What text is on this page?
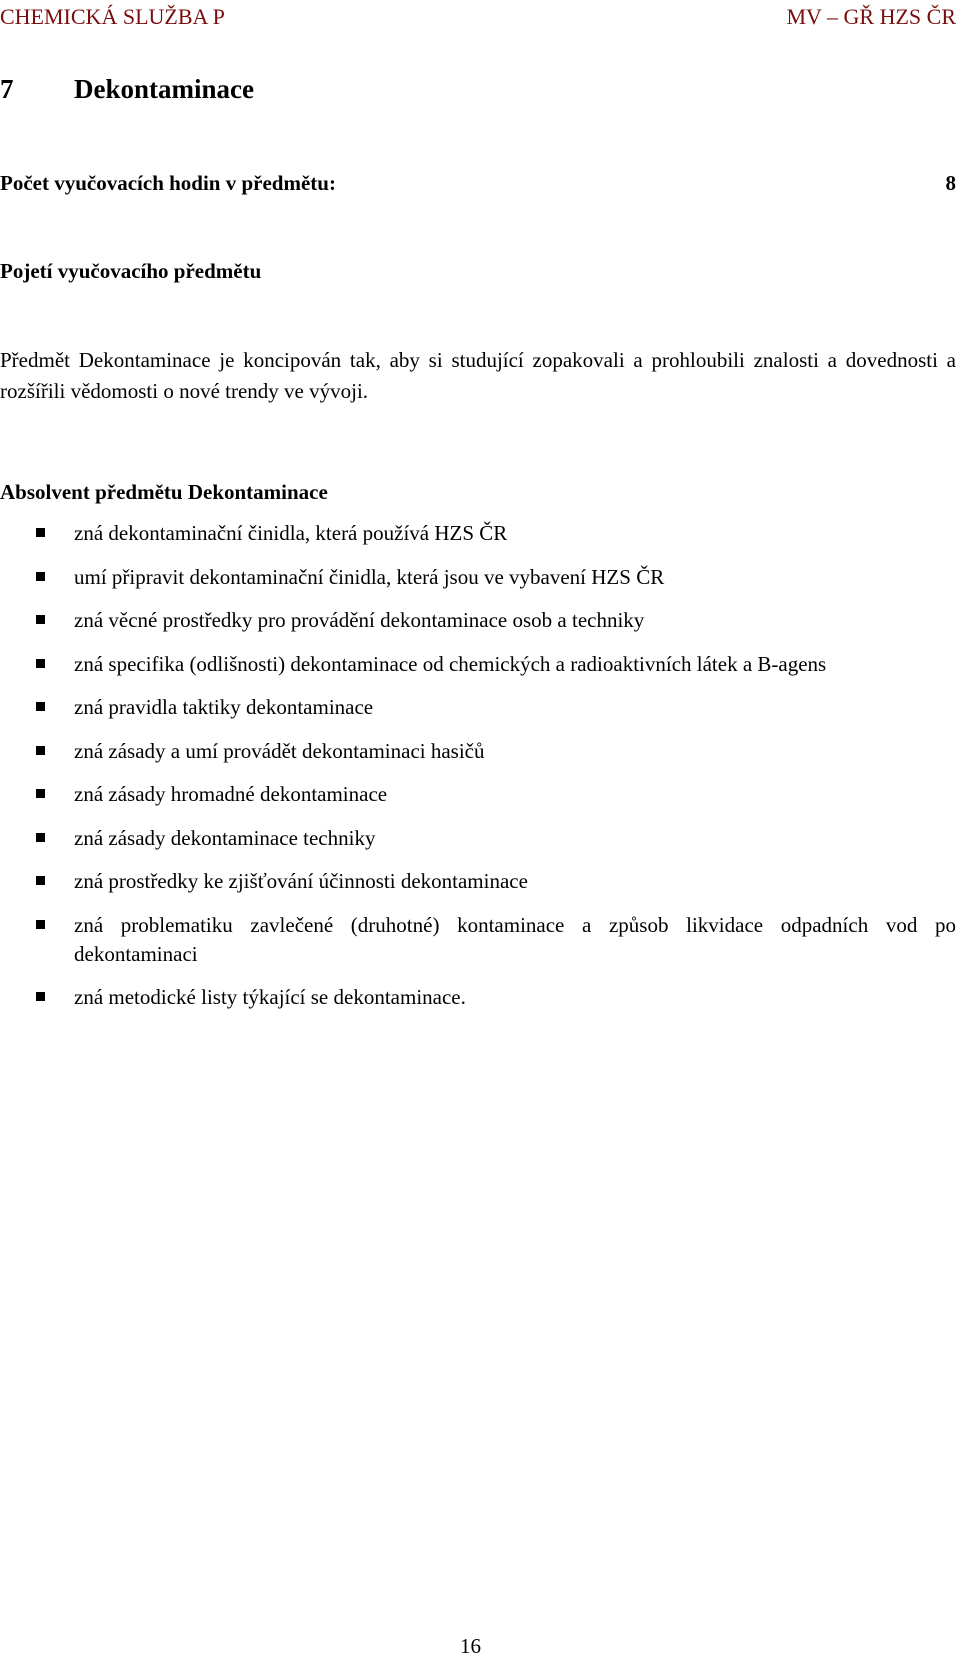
CHEMICKÁ SLUŽBA P	MV – GŘ HZS ČR
7 Dekontaminace
Počet vyučovacích hodin v předmětu:	8
Pojetí vyučovacího předmětu
Předmět Dekontaminace je koncipován tak, aby si studující zopakovali a prohloubili znalosti a dovednosti a rozšířili vědomosti o nové trendy ve vývoji.
Absolvent předmětu Dekontaminace
zná dekontaminační činidla, která používá HZS ČR
umí připravit dekontaminační činidla, která jsou ve vybavení HZS ČR
zná věcné prostředky pro provádění dekontaminace osob a techniky
zná specifika (odlišnosti) dekontaminace od chemických a radioaktivních látek a B-agens
zná pravidla taktiky dekontaminace
zná zásady a umí provádět dekontaminaci hasičů
zná zásady hromadné dekontaminace
zná zásady dekontaminace techniky
zná prostředky ke zjišťování účinnosti dekontaminace
zná problematiku zavlečené (druhotné) kontaminace a způsob likvidace odpadních vod po dekontaminaci
zná metodické listy týkající se dekontaminace.
16
